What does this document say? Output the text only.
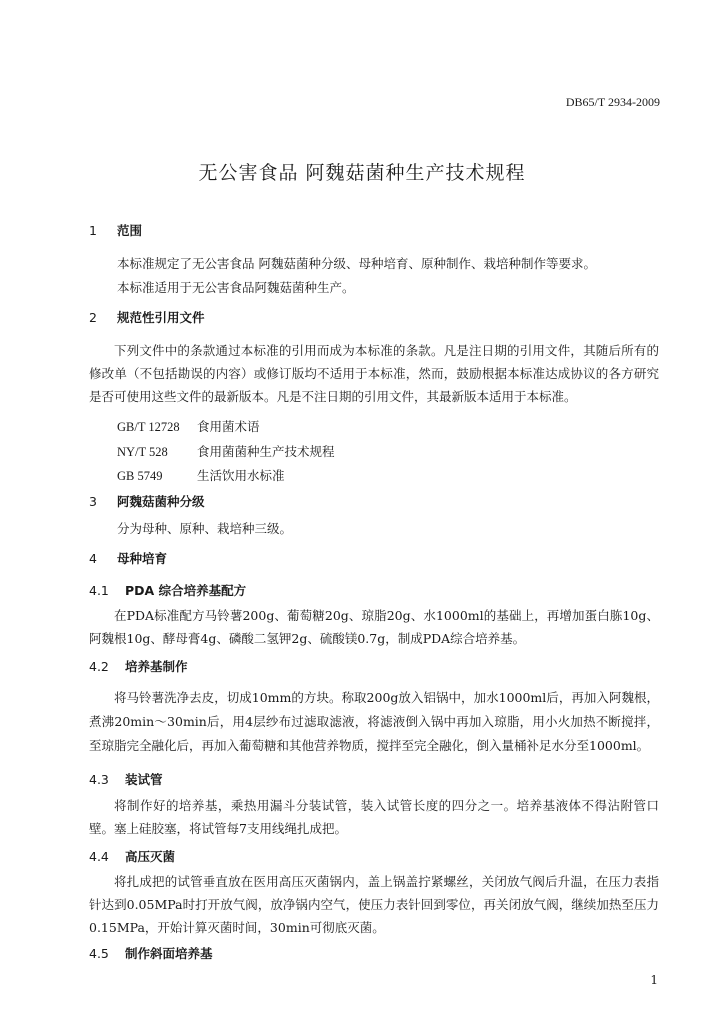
DB65/T 2934-2009
无公害食品 阿魏菇菌种生产技术规程
1 范围
本标准规定了无公害食品 阿魏菇菌种分级、母种培育、原种制作、栽培种制作等要求。
本标准适用于无公害食品阿魏菇菌种生产。
2 规范性引用文件
下列文件中的条款通过本标准的引用而成为本标准的条款。凡是注日期的引用文件，其随后所有的修改单（不包括勘误的内容）或修订版均不适用于本标准，然而，鼓励根据本标准达成协议的各方研究是否可使用这些文件的最新版本。凡是不注日期的引用文件，其最新版本适用于本标准。
GB/T 12728 食用菌术语
NY/T 528 食用菌菌种生产技术规程
GB 5749	生活饮用水标准
3 阿魏菇菌种分级
分为母种、原种、栽培种三级。
4 母种培育
4.1 PDA 综合培养基配方
在PDA标准配方马铃薯200g、葡萄糖20g、琼脂20g、水1000ml的基础上，再增加蛋白胨10g、阿魏根10g、酵母膏4g、磷酸二氢钾2g、硫酸镁0.7g，制成PDA综合培养基。
4.2 培养基制作
将马铃薯洗净去皮，切成10mm的方块。称取200g放入铝锅中，加水1000ml后，再加入阿魏根，煮沸20min～30min后，用4层纱布过滤取滤液，将滤液倒入锅中再加入琼脂，用小火加热不断搅拌，至琼脂完全融化后，再加入葡萄糖和其他营养物质，搅拌至完全融化，倒入量桶补足水分至1000ml。
4.3 装试管
将制作好的培养基，乘热用漏斗分装试管，装入试管长度的四分之一。培养基液体不得沾附管口壁。塞上硅胶塞，将试管每7支用线绳扎成把。
4.4 高压灭菌
将扎成把的试管垂直放在医用高压灭菌锅内，盖上锅盖拧紧螺丝，关闭放气阀后升温，在压力表指针达到0.05MPa时打开放气阀，放净锅内空气，使压力表针回到零位，再关闭放气阀，继续加热至压力0.15MPa，开始计算灭菌时间，30min可彻底灭菌。
4.5 制作斜面培养基
1
